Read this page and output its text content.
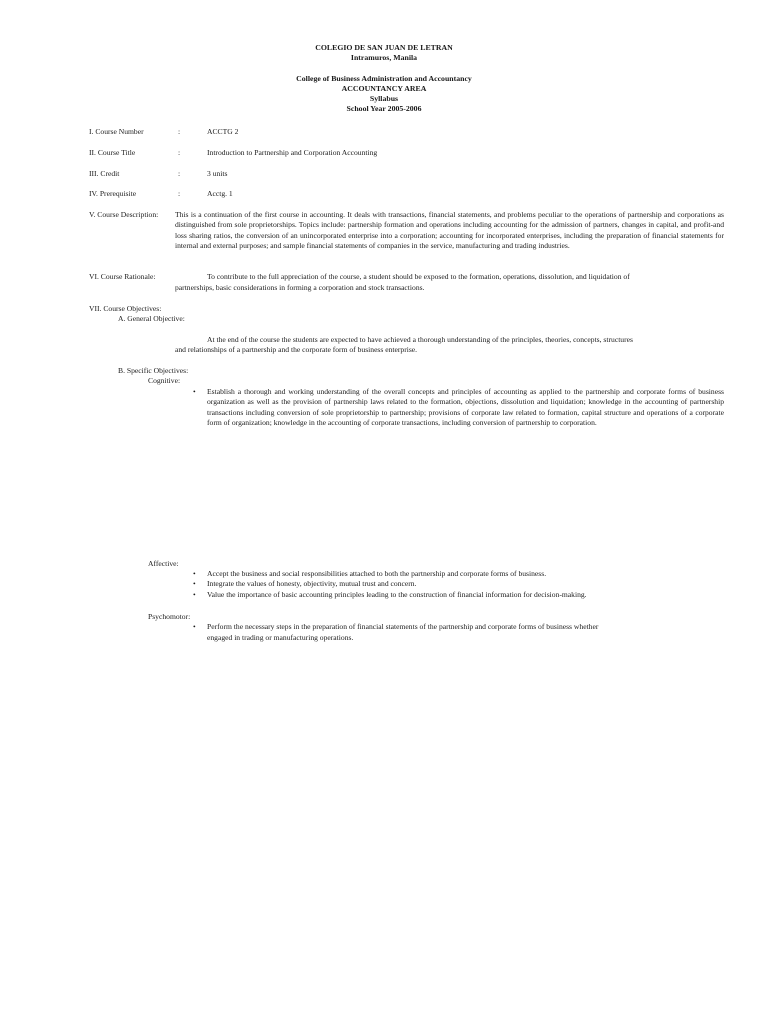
COLEGIO DE SAN JUAN DE LETRAN
Intramuros, Manila
College of Business Administration and Accountancy
ACCOUNTANCY AREA
Syllabus
School Year 2005-2006
I. Course Number	:	ACCTG 2
II. Course Title	:	Introduction to Partnership and Corporation Accounting
III. Credit	:	3 units
IV. Prerequisite	:	Acctg. 1
V. Course Description: This is a continuation of the first course in accounting. It deals with transactions, financial statements, and problems peculiar to the operations of partnership and corporations as distinguished from sole proprietorships. Topics include: partnership formation and operations including accounting for the admission of partners, changes in capital, and profit-and loss sharing ratios, the conversion of an unincorporated enterprise into a corporation; accounting for incorporated enterprises, including the preparation of financial statements for internal and external purposes; and sample financial statements of companies in the service, manufacturing and trading industries.
VI. Course Rationale:	To contribute to the full appreciation of the course, a student should be exposed to the formation, operations, dissolution, and liquidation of
partnerships, basic considerations in forming a corporation and stock transactions.
VII. Course Objectives:
A. General Objective:
At the end of the course the students are expected to have achieved a thorough understanding of the principles, theories, concepts, structures
and relationships of a partnership and the corporate form of business enterprise.
B. Specific Objectives:
Cognitive:
• Establish a thorough and working understanding of the overall concepts and principles of accounting as applied to the partnership and corporate forms of business organization as well as the provision of partnership laws related to the formation, objections, dissolution and liquidation; knowledge in the accounting of partnership transactions including conversion of sole proprietorship to partnership; provisions of corporate law related to formation, capital structure and operations of a corporate form of organization; knowledge in the accounting of corporate transactions, including conversion of partnership to corporation.
Affective:
• Accept the business and social responsibilities attached to both the partnership and corporate forms of business.
• Integrate the values of honesty, objectivity, mutual trust and concern.
• Value the importance of basic accounting principles leading to the construction of financial information for decision-making.
Psychomotor:
• Perform the necessary steps in the preparation of financial statements of the partnership and corporate forms of business whether
engaged in trading or manufacturing operations.
